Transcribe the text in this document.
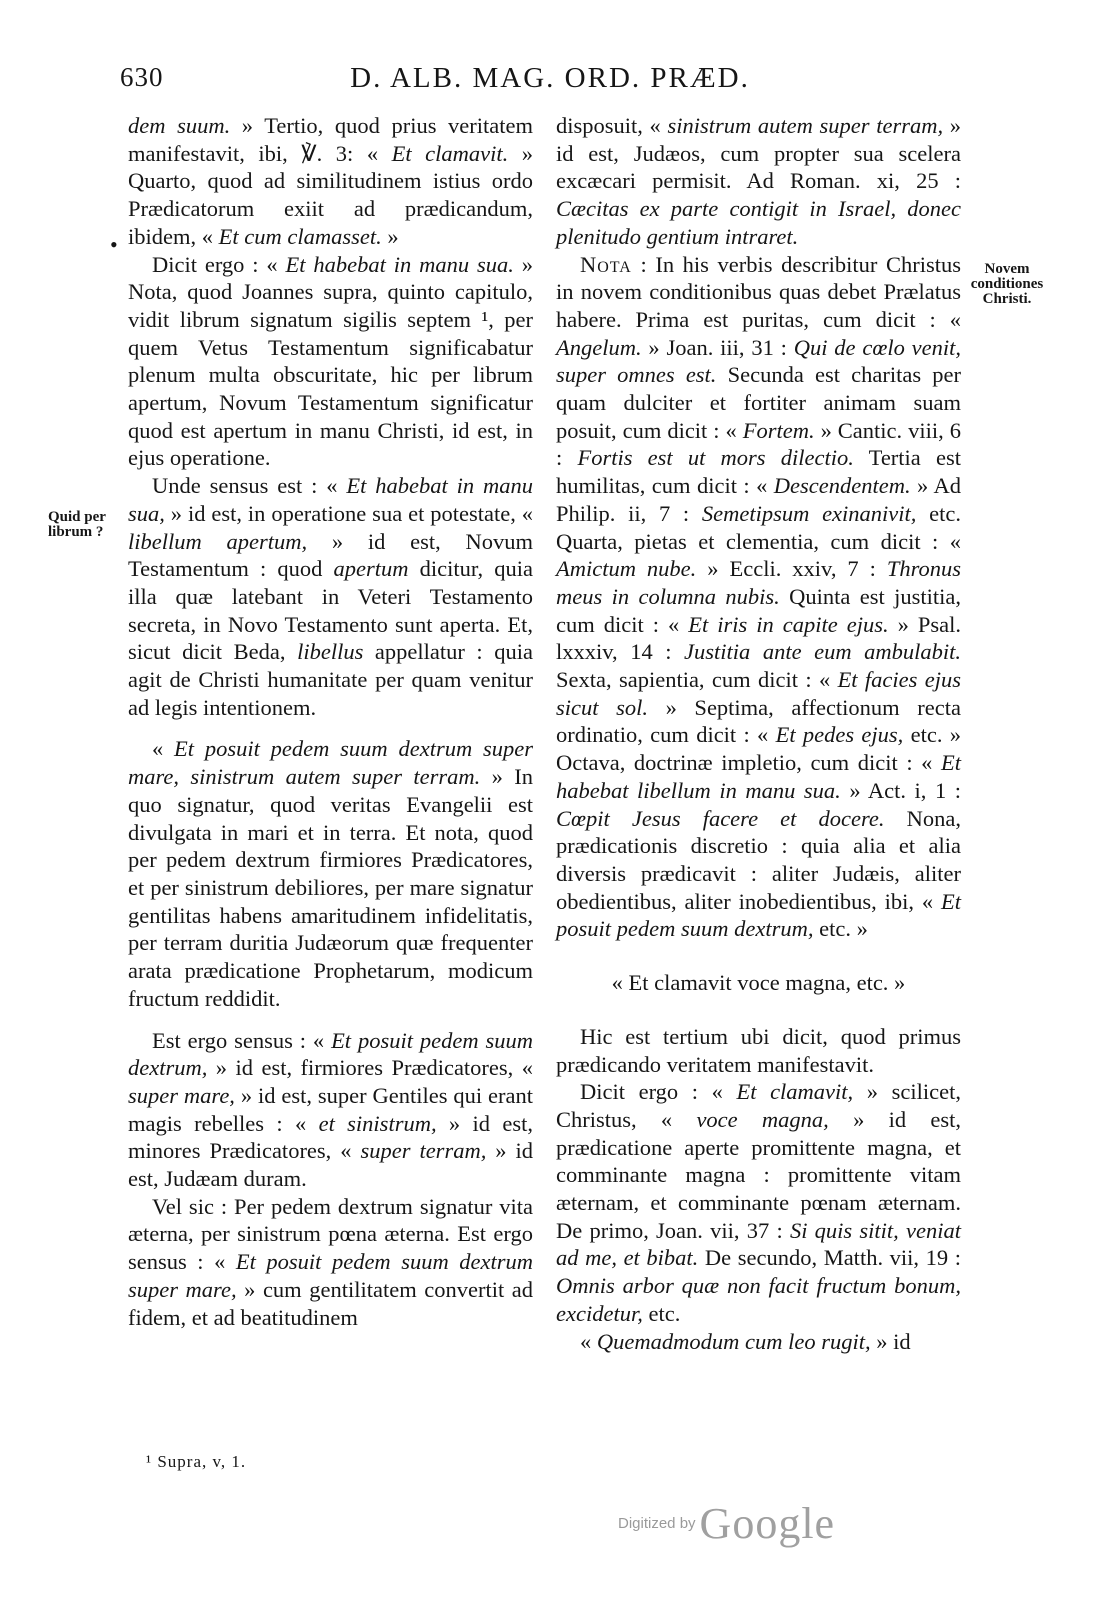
630	D. ALB. MAG. ORD. PRÆD.
•
Quid per librum ?
Novem conditiones Christi.

dem suum. » Tertio, quod prius veritatem manifestavit, ibi, ℣. 3: « Et clamavit. » Quarto, quod ad similitudinem istius ordo Prædicatorum exiit ad prædicandum, ibidem, « Et cum clamasset. »

Dicit ergo : « Et habebat in manu sua. » Nota, quod Joannes supra, quinto capitulo, vidit librum signatum sigilis septem ¹, per quem Vetus Testamentum significabatur plenum multa obscuritate, hic per librum apertum, Novum Testamentum significatur quod est apertum in manu Christi, id est, in ejus operatione.

Unde sensus est : « Et habebat in manu sua, » id est, in operatione sua et potestate, « libellum apertum, » id est, Novum Testamentum : quod apertum dicitur, quia illa quæ latebant in Veteri Testamento secreta, in Novo Testamento sunt aperta. Et, sicut dicit Beda, libellus appellatur : quia agit de Christi humanitate per quam venitur ad legis intentionem.

« Et posuit pedem suum dextrum super mare, sinistrum autem super terram. » In quo signatur, quod veritas Evangelii est divulgata in mari et in terra. Et nota, quod per pedem dextrum firmiores Prædicatores, et per sinistrum debiliores, per mare signatur gentilitas habens amaritudinem infidelitatis, per terram duritia Judæorum quæ frequenter arata prædicatione Prophetarum, modicum fructum reddidit.

Est ergo sensus : « Et posuit pedem suum dextrum, » id est, firmiores Prædicatores, « super mare, » id est, super Gentiles qui erant magis rebelles : « et sinistrum, » id est, minores Prædicatores, « super terram, » id est, Judæam duram.

Vel sic : Per pedem dextrum signatur vita æterna, per sinistrum pœna æterna. Est ergo sensus : « Et posuit pedem suum dextrum super mare, » cum gentilitatem convertit ad fidem, et ad beatitudinem

disposuit, « sinistrum autem super terram, » id est, Judæos, cum propter sua scelera excæcari permisit. Ad Roman. xi, 25 : Cæcitas ex parte contigit in Israel, donec plenitudo gentium intraret.

Nota : In his verbis describitur Christus in novem conditionibus quas debet Prælatus habere. Prima est puritas, cum dicit : « Angelum. » Joan. iii, 31 : Qui de cœlo venit, super omnes est. Secunda est charitas per quam dulciter et fortiter animam suam posuit, cum dicit : « Fortem. » Cantic. viii, 6 : Fortis est ut mors dilectio. Tertia est humilitas, cum dicit : « Descendentem. » Ad Philip. ii, 7 : Semetipsum exinanivit, etc. Quarta, pietas et clementia, cum dicit : « Amictum nube. » Eccli. xxiv, 7 : Thronus meus in columna nubis. Quinta est justitia, cum dicit : « Et iris in capite ejus. » Psal. lxxxiv, 14 : Justitia ante eum ambulabit. Sexta, sapientia, cum dicit : « Et facies ejus sicut sol. » Septima, affectionum recta ordinatio, cum dicit : « Et pedes ejus, etc. » Octava, doctrinæ impletio, cum dicit : « Et habebat libellum in manu sua. » Act. i, 1 : Cœpit Jesus facere et docere. Nona, prædicationis discretio : quia alia et alia diversis prædicavit : aliter Judæis, aliter obedientibus, aliter inobedientibus, ibi, « Et posuit pedem suum dextrum, etc. »

« Et clamavit voce magna, etc. »

Hic est tertium ubi dicit, quod primus prædicando veritatem manifestavit.

Dicit ergo : « Et clamavit, » scilicet, Christus, « voce magna, » id est, prædicatione aperte promittente magna, et comminante magna : promittente vitam æternam, et comminante pœnam æternam. De primo, Joan. vii, 37 : Si quis sitit, veniat ad me, et bibat. De secundo, Matth. vii, 19 : Omnis arbor quæ non facit fructum bonum, excidetur, etc.

« Quemadmodum cum leo rugit, » id

¹ Supra, v, 1.
Digitized by Google
